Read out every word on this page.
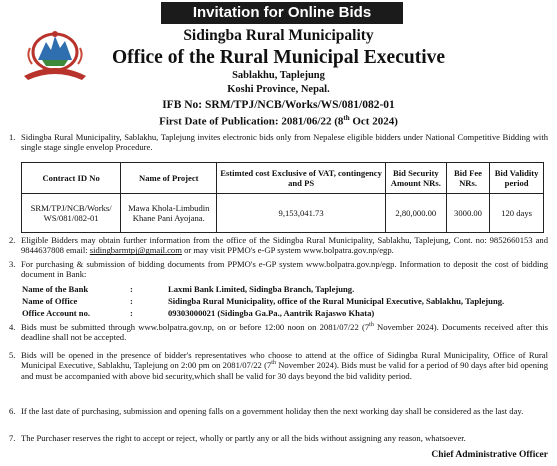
Invitation for Online Bids
Sidingba Rural Municipality
Office of the Rural Municipal Executive
Sablakhu, Taplejung
Koshi Province, Nepal.
IFB No: SRM/TPJ/NCB/Works/WS/081/082-01
First Date of Publication: 2081/06/22 (8th Oct 2024)
1. Sidingba Rural Municipality, Sablakhu, Taplejung invites electronic bids only from Nepalese eligible bidders under National Competitive Bidding with single stage single envelop Procedure.
Contract ID No	Name of Project	Estimted cost Exclusive of VAT, contingency and PS	Bid Security Amount NRs.	Bid Fee NRs.	Bid Validity period
SRM/TPJ/NCB/Works/ WS/081/082-01	Mawa Khola-Limbudin Khane Pani Ayojana.	9,153,041.73	2,80,000.00	3000.00	120 days
2. Eligible Bidders may obtain further information from the office of the Sidingba Rural Municipality, Sablakhu, Taplejung, Cont. no: 9852660153 and 9844637808 email: sidingbarmtpj@gmail.com or may visit PPMO's e-GP system www.bolpatra.gov.np/egp.
3. For purchasing & submission of bidding documents from PPMO's e-GP system www.bolpatra.gov.np/egp. Information to deposit the cost of bidding document in Bank:
Name of the Bank	:	Laxmi Bank Limited, Sidingba Branch, Taplejung.
Name of Office	:	Sidingba Rural Municipality, office of the Rural Municipal Executive, Sablakhu, Taplejung.
Office Account no.	:	09303000021 (Sidingba Ga.Pa., Aantrik Rajaswo Khata)
4. Bids must be submitted through www.bolpatra.gov.np, on or before 12:00 noon on 2081/07/22 (7th November 2024). Documents received after this deadline shall not be accepted.
5. Bids will be opened in the presence of bidder's representatives who choose to attend at the office of Sidingba Rural Municipality, Office of Rural Municipal Executive, Sablakhu, Taplejung on 2:00 pm on 2081/07/22 (7th November 2024). Bids must be valid for a period of 90 days after bid opening and must be accompanied with above bid security,which shall be valid for 30 days beyond the bid validity period.
6. If the last date of purchasing, submission and opening falls on a government holiday then the next working day shall be considered as the last day.
7. The Purchaser reserves the right to accept or reject, wholly or partly any or all the bids without assigning any reason, whatsoever.
Chief Administrative Officer
